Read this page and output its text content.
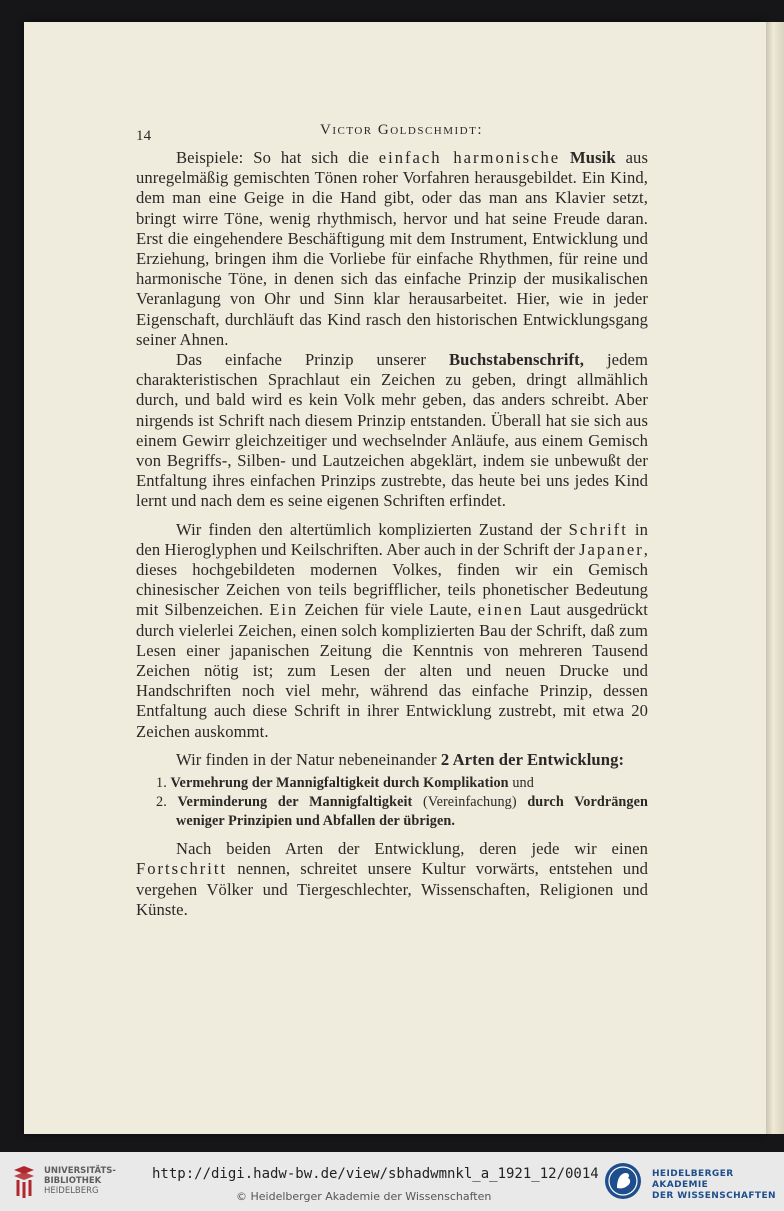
14	Victor Goldschmidt:

Beispiele: So hat sich die einfach harmonische Musik aus unregelmäßig gemischten Tönen roher Vorfahren herausgebildet. Ein Kind, dem man eine Geige in die Hand gibt, oder das man ans Klavier setzt, bringt wirre Töne, wenig rhythmisch, hervor und hat seine Freude daran. Erst die eingehendere Beschäftigung mit dem Instrument, Entwicklung und Erziehung, bringen ihm die Vorliebe für einfache Rhythmen, für reine und harmonische Töne, in denen sich das einfache Prinzip der musikalischen Veranlagung von Ohr und Sinn klar herausarbeitet. Hier, wie in jeder Eigenschaft, durchläuft das Kind rasch den historischen Entwicklungsgang seiner Ahnen.

Das einfache Prinzip unserer Buchstabenschrift, jedem charakteristischen Sprachlaut ein Zeichen zu geben, dringt allmählich durch, und bald wird es kein Volk mehr geben, das anders schreibt. Aber nirgends ist Schrift nach diesem Prinzip entstanden. Überall hat sie sich aus einem Gewirr gleichzeitiger und wechselnder Anläufe, aus einem Gemisch von Begriffs-, Silben- und Lautzeichen abgeklärt, indem sie unbewußt der Entfaltung ihres einfachen Prinzips zustrebte, das heute bei uns jedes Kind lernt und nach dem es seine eigenen Schriften erfindet.

Wir finden den altertümlich komplizierten Zustand der Schrift in den Hieroglyphen und Keilschriften. Aber auch in der Schrift der Japaner, dieses hochgebildeten modernen Volkes, finden wir ein Gemisch chinesischer Zeichen von teils begrifflicher, teils phonetischer Bedeutung mit Silbenzeichen. Ein Zeichen für viele Laute, einen Laut ausgedrückt durch vielerlei Zeichen, einen solch komplizierten Bau der Schrift, daß zum Lesen einer japanischen Zeitung die Kenntnis von mehreren Tausend Zeichen nötig ist; zum Lesen der alten und neuen Drucke und Handschriften noch viel mehr, während das einfache Prinzip, dessen Entfaltung auch diese Schrift in ihrer Entwicklung zustrebt, mit etwa 20 Zeichen auskommt.

Wir finden in der Natur nebeneinander 2 Arten der Entwicklung:

1. Vermehrung der Mannigfaltigkeit durch Komplikation und
2. Verminderung der Mannigfaltigkeit (Vereinfachung) durch Vordrängen weniger Prinzipien und Abfallen der übrigen.

Nach beiden Arten der Entwicklung, deren jede wir einen Fortschritt nennen, schreitet unsere Kultur vorwärts, entstehen und vergehen Völker und Tiergeschlechter, Wissenschaften, Religionen und Künste.

UNIVERSITÄTS-
BIBLIOTHEK
HEIDELBERG
http://digi.hadw-bw.de/view/sbhadwmnkl_a_1921_12/0014
© Heidelberger Akademie der Wissenschaften
HEIDELBERGER AKADEMIE
DER WISSENSCHAFTEN
